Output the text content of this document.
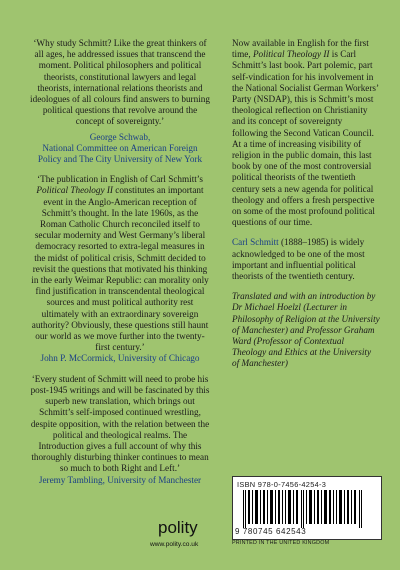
‘Why study Schmitt? Like the great thinkers of all ages, he addressed issues that transcend the moment. Political philosophers and political theorists, constitutional lawyers and legal theorists, international relations theorists and ideologues of all colours find answers to burning political questions that revolve around the concept of sovereignty.’

George Schwab,
National Committee on American Foreign Policy and The City University of New York

‘The publication in English of Carl Schmitt’s Political Theology II constitutes an important event in the Anglo-American reception of Schmitt’s thought. In the late 1960s, as the Roman Catholic Church reconciled itself to secular modernity and West Germany’s liberal democracy resorted to extra-legal measures in the midst of political crisis, Schmitt decided to revisit the questions that motivated his thinking in the early Weimar Republic: can morality only find justification in transcendental theological sources and must political authority rest ultimately with an extraordinary sovereign authority? Obviously, these questions still haunt our world as we move further into the twenty-first century.’

John P. McCormick, University of Chicago

‘Every student of Schmitt will need to probe his post-1945 writings and will be fascinated by this superb new translation, which brings out Schmitt’s self-imposed continued wrestling, despite opposition, with the relation between the political and theological realms. The Introduction gives a full account of why this thoroughly disturbing thinker continues to mean so much to both Right and Left.’

Jeremy Tambling, University of Manchester

Now available in English for the first time, Political Theology II is Carl Schmitt’s last book. Part polemic, part self-vindication for his involvement in the National Socialist German Workers’ Party (NSDAP), this is Schmitt’s most theological reflection on Christianity and its concept of sovereignty following the Second Vatican Council. At a time of increasing visibility of religion in the public domain, this last book by one of the most controversial political theorists of the twentieth century sets a new agenda for political theology and offers a fresh perspective on some of the most profound political questions of our time.

Carl Schmitt (1888–1985) is widely acknowledged to be one of the most important and influential political theorists of the twentieth century.

Translated and with an introduction by Dr Michael Hoelzl (Lecturer in Philosophy of Religion at the University of Manchester) and Professor Graham Ward (Professor of Contextual Theology and Ethics at the University of Manchester)

polity
www.polity.co.uk
ISBN 978-0-7456-4254-3
9 780745 642543
PRINTED IN THE UNITED KINGDOM
